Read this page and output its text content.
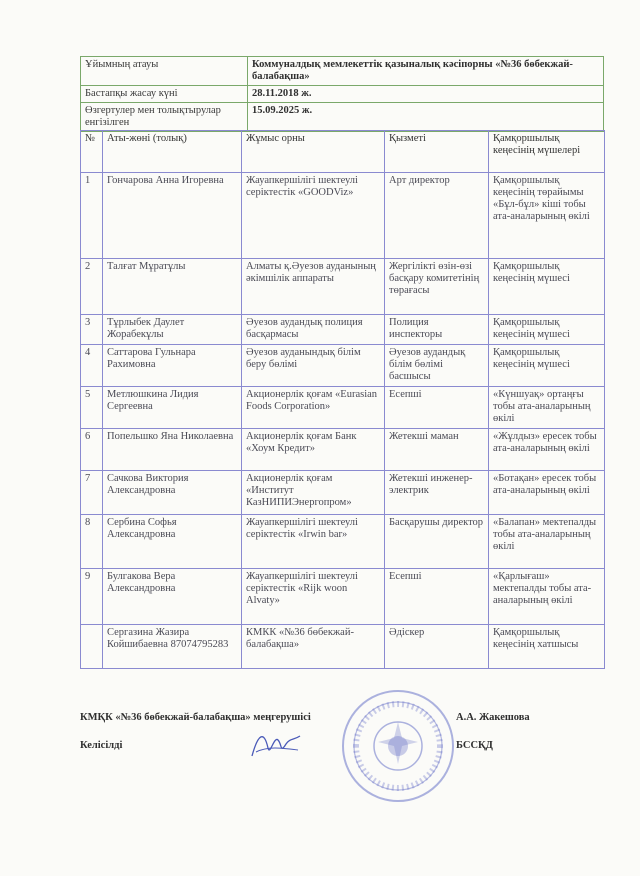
Ұйымның атауы	Коммуналдық мемлекеттік қазыналық кәсіпорны «№36 бөбекжай-балабақша»
Бастапқы жасау күні	28.11.2018 ж.
Өзгертулер мен толықтырулар енгізілген	15.09.2025 ж.
№	Аты-жөні (толық)	Жұмыс орны	Қызметі	Қамқоршылық кеңесінің мүшелері
1	Гончарова Анна Игоревна	Жауапкершілігі шектеулі серіктестік «GOODViz»	Арт директор	Қамқоршылық кеңесінің төрайымы «Бұл-бұл» кіші тобы ата-аналарының өкілі
2	Талғат Мұратұлы	Алматы қ.Әуезов ауданының әкімшілік аппараты	Жергілікті өзін-өзі басқару комитетінің төрағасы	Қамқоршылық кеңесінің мүшесі
3	Тұрлыбек Даулет Жорабекұлы	Әуезов аудандық полиция басқармасы	Полиция инспекторы	Қамқоршылық кеңесінің мүшесі
4	Саттарова Гульнара Рахимовна	Әуезов ауданындық білім беру бөлімі	Әуезов аудандық білім бөлімі басшысы	Қамқоршылық кеңесінің мүшесі
5	Метлюшкина Лидия Сергеевна	Акционерлік қоғам «Eurasian Foods Corporation»	Есепші	«Күншуақ» ортаңғы тобы ата-аналарының өкілі
6	Попельшко Яна Николаевна	Акционерлік қоғам Банк «Хоум Кредит»	Жетекші маман	«Жұлдыз» ересек тобы ата-аналарының өкілі
7	Сачкова Виктория Александровна	Акционерлік қоғам «Институт КазНИПИЭнергопром»	Жетекші инженер-электрик	«Ботақан» ересек тобы ата-аналарының өкілі
8	Сербина Софья Александровна	Жауапкершілігі шектеулі серіктестік «Irwin bar»	Басқарушы директор	«Балапан» мектепалды тобы ата-аналарының өкілі
9	Булгакова Вера Александровна	Жауапкершілігі шектеулі серіктестік «Rijk woon Alvaty»	Есепші	«Қарлығаш» мектепалды тобы ата-аналарының өкілі
	Сергазина Жазира Койшибаевна 87074795283	КМКК «№36 бөбекжай-балабақша»	Әдіскер	Қамқоршылық кеңесінің хатшысы
КМҚК «№36 бөбекжай-балабақша» меңгерушісі	А.А. Жакешова
Келісілді	БССҚД
